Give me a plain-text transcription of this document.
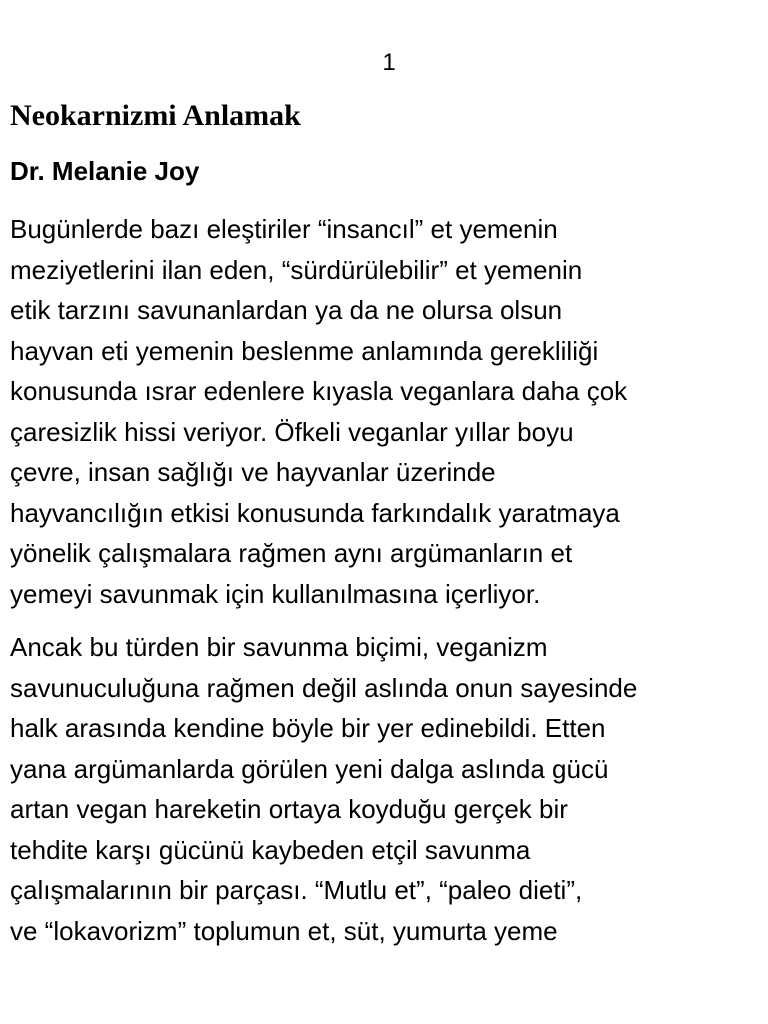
1
Neokarnizmi Anlamak
Dr. Melanie Joy
Bugünlerde bazı eleştiriler “insancıl” et yemenin
meziyetlerini ilan eden, “sürdürülebilir” et yemenin
etik tarzını savunanlardan ya da ne olursa olsun
hayvan eti yemenin beslenme anlamında gerekliliği
konusunda ısrar edenlere kıyasla veganlara daha çok
çaresizlik hissi veriyor. Öfkeli veganlar yıllar boyu
çevre, insan sağlığı ve hayvanlar üzerinde
hayvancılığın etkisi konusunda farkındalık yaratmaya
yönelik çalışmalara rağmen aynı argümanların et
yemeyi savunmak için kullanılmasına içerliyor.
Ancak bu türden bir savunma biçimi, veganizm
savunuculuğuna rağmen değil aslında onun sayesinde
halk arasında kendine böyle bir yer edinebildi. Etten
yana argümanlarda görülen yeni dalga aslında gücü
artan vegan hareketin ortaya koyduğu gerçek bir
tehdite karşı gücünü kaybeden etçil savunma
çalışmalarının bir parçası. “Mutlu et”, “paleo dieti”,
ve “lokavorizm” toplumun et, süt, yumurta yeme
